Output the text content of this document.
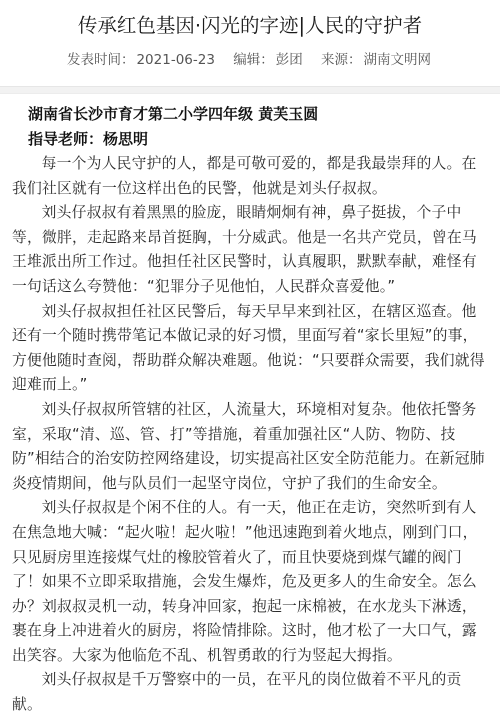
传承红色基因·闪光的字迹|人民的守护者
发表时间： 2021-06-23 编辑： 彭团 来源： 湖南文明网
湖南省长沙市育才第二小学四年级 黄芙玉圆
指导老师：杨思明

每一个为人民守护的人，都是可敬可爱的，都是我最崇拜的人。在我们社区就有一位这样出色的民警，他就是刘头仔叔叔。

刘头仔叔叔有着黑黑的脸庞，眼睛炯炯有神，鼻子挺拔，个子中等，微胖，走起路来昂首挺胸，十分威武。他是一名共产党员，曾在马王堆派出所工作过。他担任社区民警时，认真履职，默默奉献，难怪有一句话这么夸赞他：“犯罪分子见他怕，人民群众喜爱他。”

刘头仔叔叔担任社区民警后，每天早早来到社区，在辖区巡查。他还有一个随时携带笔记本做记录的好习惯，里面写着“家长里短”的事，方便他随时查阅，帮助群众解决难题。他说：“只要群众需要，我们就得迎难而上。”

刘头仔叔叔所管辖的社区，人流量大，环境相对复杂。他依托警务室，采取“清、巡、管、打”等措施，着重加强社区“人防、物防、技防”相结合的治安防控网络建设，切实提高社区安全防范能力。在新冠肺炎疫情期间，他与队员们一起坚守岗位，守护了我们的生命安全。

刘头仔叔叔是个闲不住的人。有一天，他正在走访，突然听到有人在焦急地大喊：“起火啦！起火啦！”他迅速跑到着火地点，刚到门口，只见厨房里连接煤气灶的橡胶管着火了，而且快要烧到煤气罐的阀门了！如果不立即采取措施，会发生爆炸，危及更多人的生命安全。怎么办？刘叔叔灵机一动，转身冲回家，抱起一床棉被，在水龙头下淋透，裹在身上冲进着火的厨房，将险情排除。这时，他才松了一大口气，露出笑容。大家为他临危不乱、机智勇敢的行为竖起大拇指。

刘头仔叔叔是千万警察中的一员，在平凡的岗位做着不平凡的贡献。
